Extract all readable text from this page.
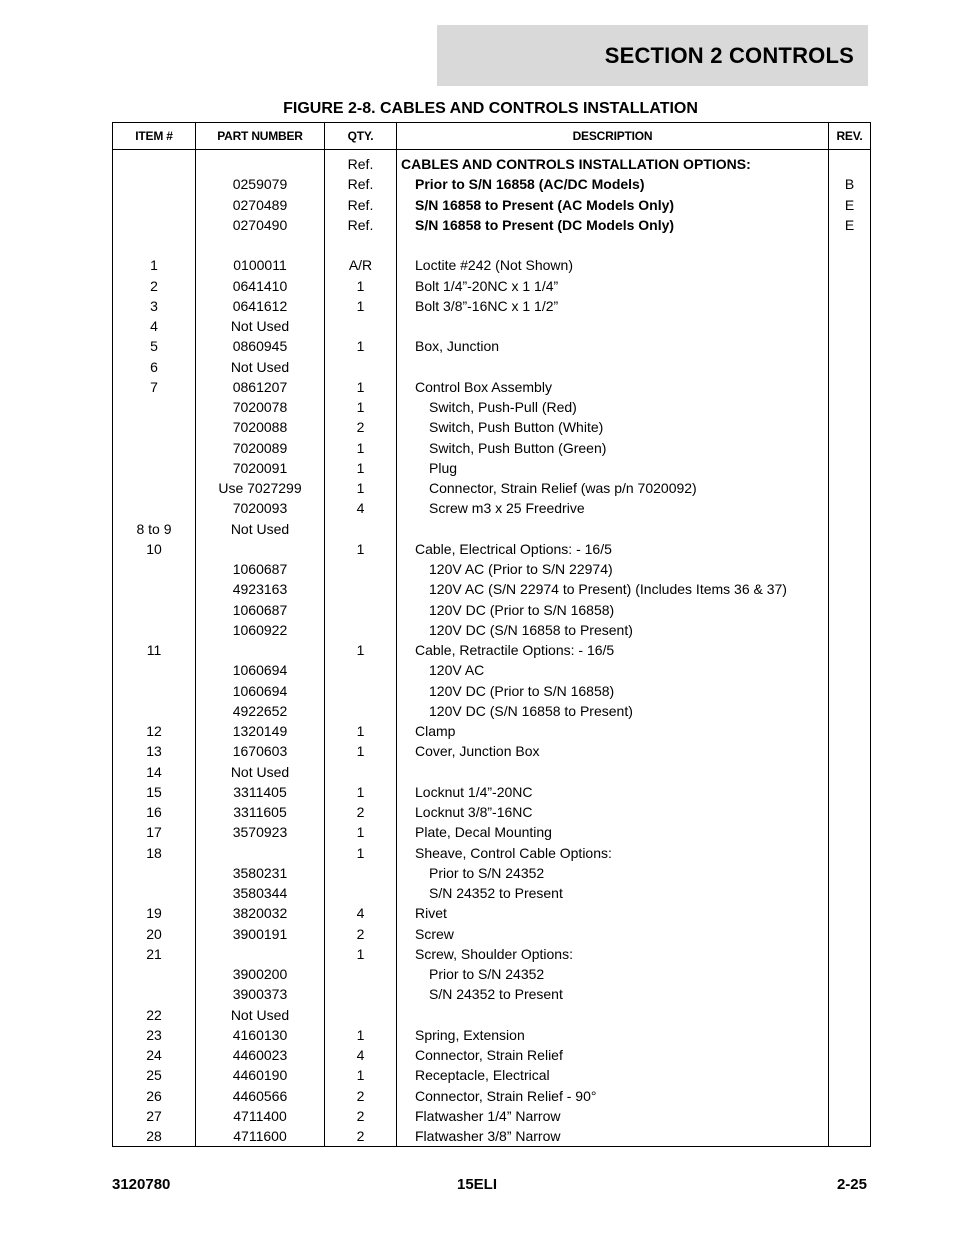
SECTION 2 CONTROLS
FIGURE 2-8. CABLES AND CONTROLS INSTALLATION
ITEM #	PART NUMBER	QTY.	DESCRIPTION	REV.
		Ref.	CABLES AND CONTROLS INSTALLATION OPTIONS:	
	0259079	Ref.	Prior to S/N 16858 (AC/DC Models)	B
	0270489	Ref.	S/N 16858 to Present (AC Models Only)	E
	0270490	Ref.	S/N 16858 to Present (DC Models Only)	E

1	0100011	A/R	Loctite #242 (Not Shown)	
2	0641410	1	Bolt 1/4”-20NC x 1 1/4”	
3	0641612	1	Bolt 3/8”-16NC x 1 1/2”	
4	Not Used			
5	0860945	1	Box, Junction	
6	Not Used			
7	0861207	1	Control Box Assembly	
	7020078	1	Switch, Push-Pull (Red)	
	7020088	2	Switch, Push Button (White)	
	7020089	1	Switch, Push Button (Green)	
	7020091	1	Plug	
	Use 7027299	1	Connector, Strain Relief (was p/n 7020092)	
	7020093	4	Screw m3 x 25 Freedrive	
8 to 9	Not Used			
10		1	Cable, Electrical Options: - 16/5	
	1060687		120V AC (Prior to S/N 22974)	
	4923163		120V AC (S/N 22974 to Present) (Includes Items 36 & 37)	
	1060687		120V DC (Prior to S/N 16858)	
	1060922		120V DC (S/N 16858 to Present)	
11		1	Cable, Retractile Options: - 16/5	
	1060694		120V AC	
	1060694		120V DC (Prior to S/N 16858)	
	4922652		120V DC (S/N 16858 to Present)	
12	1320149	1	Clamp	
13	1670603	1	Cover, Junction Box	
14	Not Used			
15	3311405	1	Locknut 1/4”-20NC	
16	3311605	2	Locknut 3/8”-16NC	
17	3570923	1	Plate, Decal Mounting	
18		1	Sheave, Control Cable Options:	
	3580231		Prior to S/N 24352	
	3580344		S/N 24352 to Present	
19	3820032	4	Rivet	
20	3900191	2	Screw	
21		1	Screw, Shoulder Options:	
	3900200		Prior to S/N 24352	
	3900373		S/N 24352 to Present	
22	Not Used			
23	4160130	1	Spring, Extension	
24	4460023	4	Connector, Strain Relief	
25	4460190	1	Receptacle, Electrical	
26	4460566	2	Connector, Strain Relief - 90°	
27	4711400	2	Flatwasher 1/4” Narrow	
28	4711600	2	Flatwasher 3/8” Narrow	
3120780	15ELI	2-25
